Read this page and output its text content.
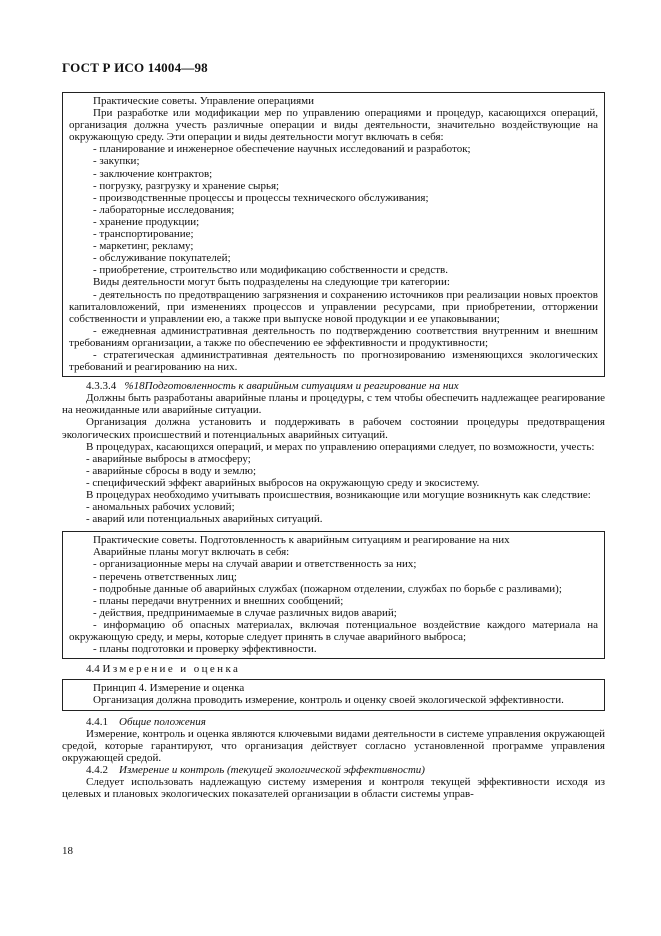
ГОСТ Р ИСО 14004—98

Практические советы. Управление операциями

При разработке или модификации мер по управлению операциями и процедур, касающихся операций, организация должна учесть различные операции и виды деятельности, значительно воздействующие на окружающую среду. Эти операции и виды деятельности могут включать в себя:

- планирование и инженерное обеспечение научных исследований и разработок;

- закупки;

- заключение контрактов;

- погрузку, разгрузку и хранение сырья;

- производственные процессы и процессы технического обслуживания;

- лабораторные исследования;

- хранение продукции;

- транспортирование;

- маркетинг, рекламу;

- обслуживание покупателей;

- приобретение, строительство или модификацию собственности и средств.

Виды деятельности могут быть подразделены на следующие три категории:

- деятельность по предотвращению загрязнения и сохранению источников при реализации новых проектов капиталовложений, при изменениях процессов и управлении ресурсами, при приобретении, отторжении собственности и управлении ею, а также при выпуске новой продукции и ее упаковывании;

- ежедневная административная деятельность по подтверждению соответствия внутренним и внешним требованиям организации, а также по обеспечению ее эффективности и продуктивности;

- стратегическая административная деятельность по прогнозированию изменяющихся экологических требований и реагированию на них.

4.3.3.4 %18Подготовленность к аварийным ситуациям и реагирование на них

Должны быть разработаны аварийные планы и процедуры, с тем чтобы обеспечить надлежащее реагирование на неожиданные или аварийные ситуации.

Организация должна установить и поддерживать в рабочем состоянии процедуры предотвращения экологических происшествий и потенциальных аварийных ситуаций.

В процедурах, касающихся операций, и мерах по управлению операциями следует, по возможности, учесть:

- аварийные выбросы в атмосферу;

- аварийные сбросы в воду и землю;

- специфический эффект аварийных выбросов на окружающую среду и экосистему.

В процедурах необходимо учитывать происшествия, возникающие или могущие возникнуть как следствие:

- аномальных рабочих условий;

- аварий или потенциальных аварийных ситуаций.

Практические советы. Подготовленность к аварийным ситуациям и реагирование на них

Аварийные планы могут включать в себя:

- организационные меры на случай аварии и ответственность за них;

- перечень ответственных лиц;

- подробные данные об аварийных службах (пожарном отделении, службах по борьбе с разливами);

- планы передачи внутренних и внешних сообщений;

- действия, предпринимаемые в случае различных видов аварий;

- информацию об опасных материалах, включая потенциальное воздействие каждого материала на окружающую среду, и меры, которые следует принять в случае аварийного выброса;

- планы подготовки и проверку эффективности.

4.4 Измерение и оценка

Принцип 4. Измерение и оценка

Организация должна проводить измерение, контроль и оценку своей экологической эффективности.

4.4.1 Общие положения

Измерение, контроль и оценка являются ключевыми видами деятельности в системе управления окружающей средой, которые гарантируют, что организация действует согласно установленной программе управления окружающей средой.

4.4.2 Измерение и контроль (текущей экологической эффективности)

Следует использовать надлежащую систему измерения и контроля текущей эффективности исходя из целевых и плановых экологических показателей организации в области системы управ-

18
